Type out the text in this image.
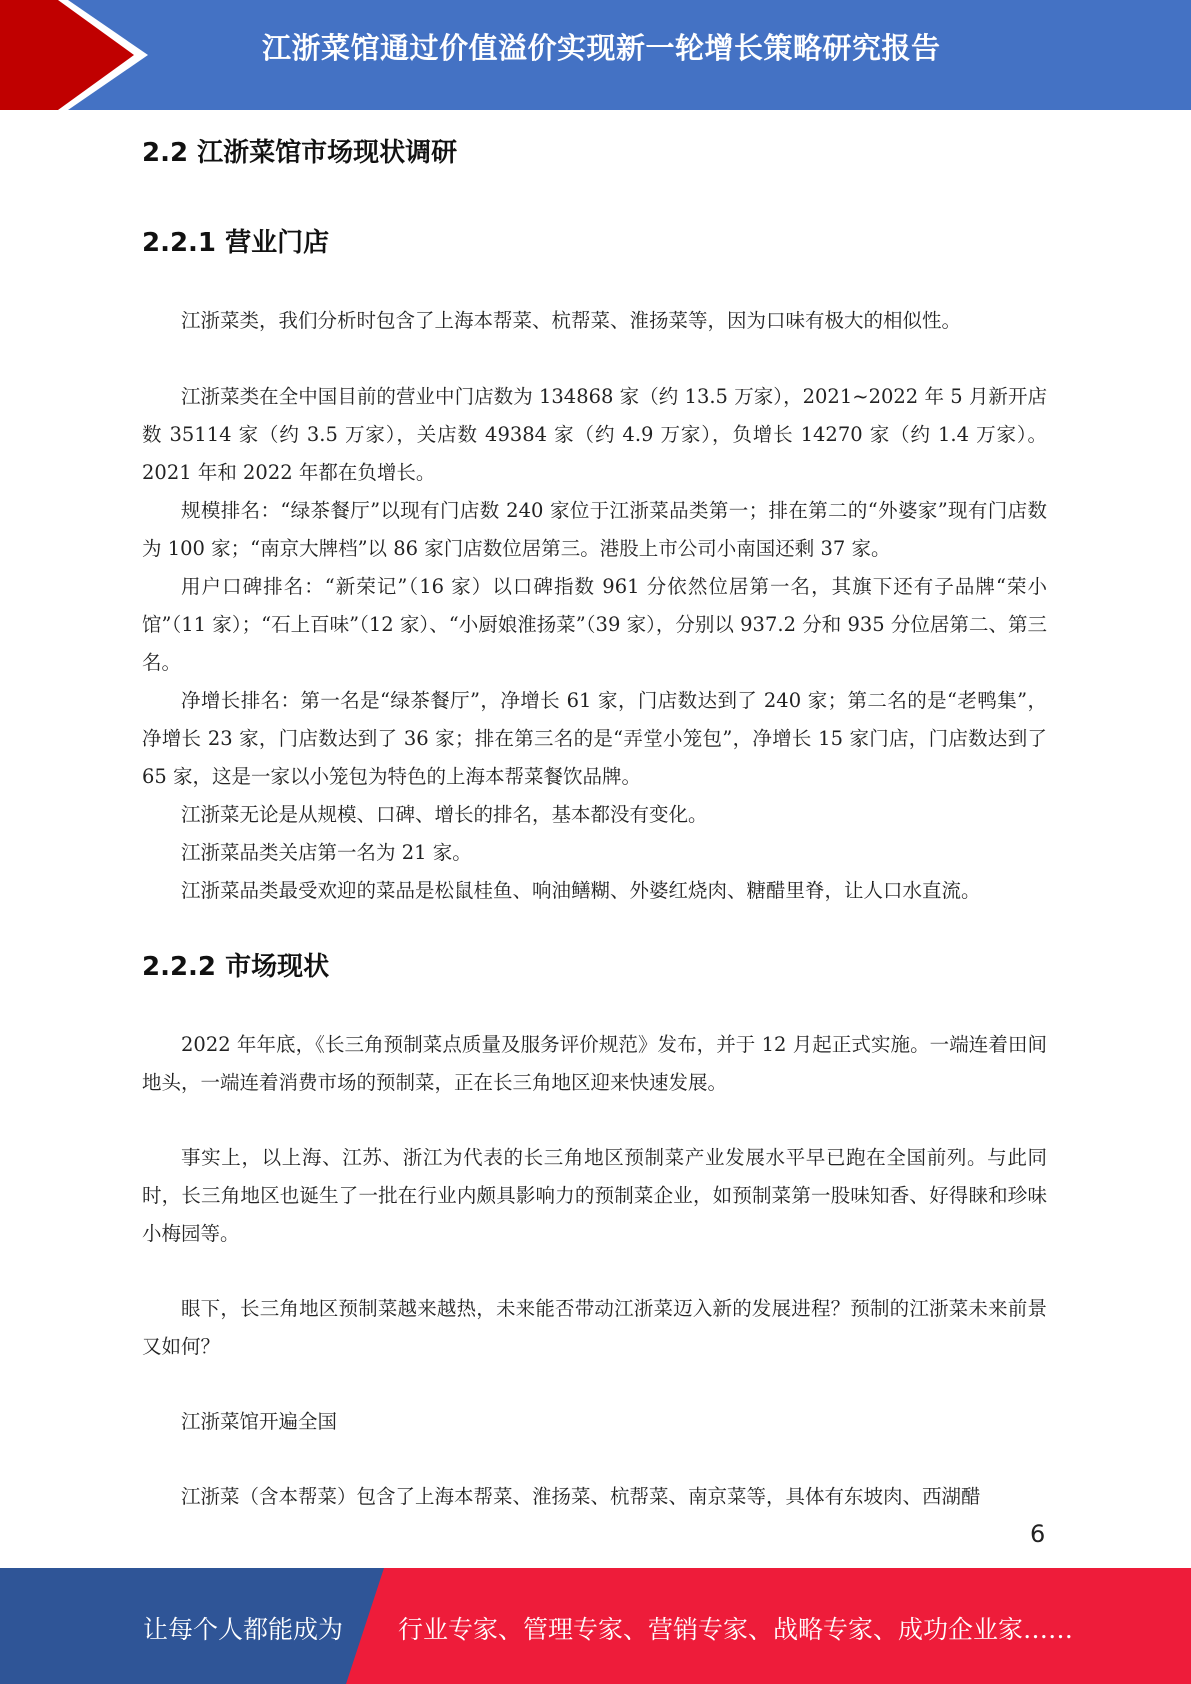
江浙菜馆通过价值溢价实现新一轮增长策略研究报告
2.2 江浙菜馆市场现状调研
2.2.1 营业门店

江浙菜类，我们分析时包含了上海本帮菜、杭帮菜、淮扬菜等，因为口味有极大的相似性。

江浙菜类在全中国目前的营业中门店数为 134868 家（约 13.5 万家），2021~2022 年 5 月新开店数 35114 家（约 3.5 万家），关店数 49384 家（约 4.9 万家），负增长 14270 家（约 1.4 万家）。2021 年和 2022 年都在负增长。

规模排名：“绿茶餐厅”以现有门店数 240 家位于江浙菜品类第一；排在第二的“外婆家”现有门店数为 100 家；“南京大牌档”以 86 家门店数位居第三。港股上市公司小南国还剩 37 家。

用户口碑排名：“新荣记”（16 家）以口碑指数 961 分依然位居第一名，其旗下还有子品牌“荣小馆”（11 家）；“石上百味”（12 家）、“小厨娘淮扬菜”（39 家），分别以 937.2 分和 935 分位居第二、第三名。

净增长排名：第一名是“绿茶餐厅”，净增长 61 家，门店数达到了 240 家；第二名的是“老鸭集”，净增长 23 家，门店数达到了 36 家；排在第三名的是“弄堂小笼包”，净增长 15 家门店，门店数达到了 65 家，这是一家以小笼包为特色的上海本帮菜餐饮品牌。

江浙菜无论是从规模、口碑、增长的排名，基本都没有变化。

江浙菜品类关店第一名为 21 家。

江浙菜品类最受欢迎的菜品是松鼠桂鱼、响油鳝糊、外婆红烧肉、糖醋里脊，让人口水直流。

2.2.2 市场现状

2022 年年底，《长三角预制菜点质量及服务评价规范》发布，并于 12 月起正式实施。一端连着田间地头，一端连着消费市场的预制菜，正在长三角地区迎来快速发展。

事实上，以上海、江苏、浙江为代表的长三角地区预制菜产业发展水平早已跑在全国前列。与此同时，长三角地区也诞生了一批在行业内颇具影响力的预制菜企业，如预制菜第一股味知香、好得睐和珍味小梅园等。

眼下，长三角地区预制菜越来越热，未来能否带动江浙菜迈入新的发展进程？预制的江浙菜未来前景又如何？

江浙菜馆开遍全国

江浙菜（含本帮菜）包含了上海本帮菜、淮扬菜、杭帮菜、南京菜等，具体有东坡肉、西湖醋

6
让每个人都能成为 行业专家、管理专家、营销专家、战略专家、成功企业家……
